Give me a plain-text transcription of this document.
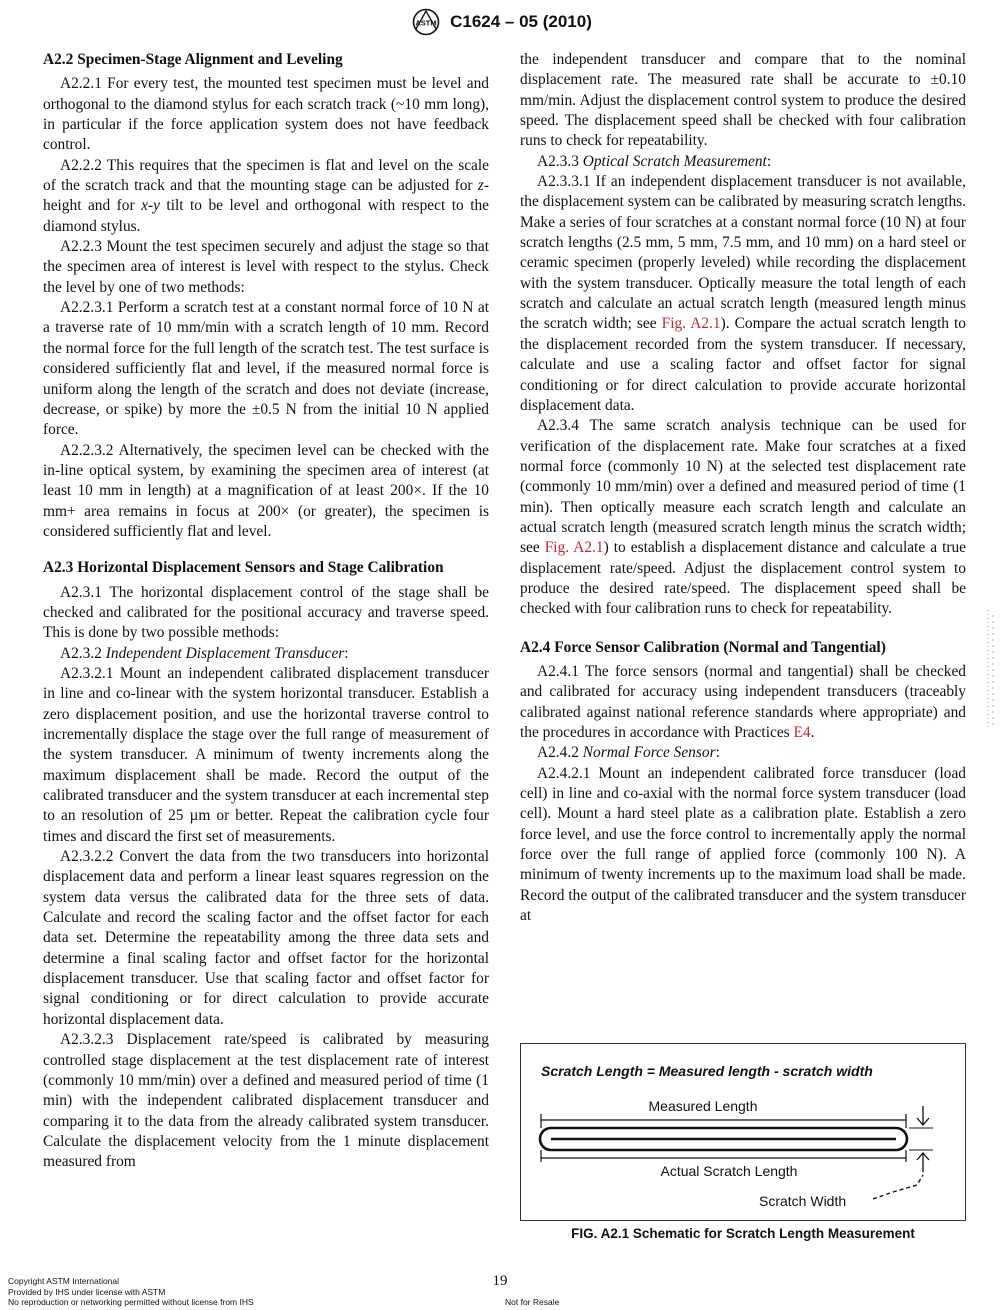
ASTM C1624 – 05 (2010)
A2.2 Specimen-Stage Alignment and Leveling

A2.2.1 For every test, the mounted test specimen must be level and orthogonal to the diamond stylus for each scratch track (~10 mm long), in particular if the force application system does not have feedback control.

A2.2.2 This requires that the specimen is flat and level on the scale of the scratch track and that the mounting stage can be adjusted for z-height and for x-y tilt to be level and orthogonal with respect to the diamond stylus.

A2.2.3 Mount the test specimen securely and adjust the stage so that the specimen area of interest is level with respect to the stylus. Check the level by one of two methods:

A2.2.3.1 Perform a scratch test at a constant normal force of 10 N at a traverse rate of 10 mm/min with a scratch length of 10 mm. Record the normal force for the full length of the scratch test. The test surface is considered sufficiently flat and level, if the measured normal force is uniform along the length of the scratch and does not deviate (increase, decrease, or spike) by more the ±0.5 N from the initial 10 N applied force.

A2.2.3.2 Alternatively, the specimen level can be checked with the in-line optical system, by examining the specimen area of interest (at least 10 mm in length) at a magnification of at least 200×. If the 10 mm+ area remains in focus at 200× (or greater), the specimen is considered sufficiently flat and level.

A2.3 Horizontal Displacement Sensors and Stage Calibration

A2.3.1 The horizontal displacement control of the stage shall be checked and calibrated for the positional accuracy and traverse speed. This is done by two possible methods:

A2.3.2 Independent Displacement Transducer:

A2.3.2.1 Mount an independent calibrated displacement transducer in line and co-linear with the system horizontal transducer. Establish a zero displacement position, and use the horizontal traverse control to incrementally displace the stage over the full range of measurement of the system transducer. A minimum of twenty increments along the maximum displacement shall be made. Record the output of the calibrated transducer and the system transducer at each incremental step to an resolution of 25 µm or better. Repeat the calibration cycle four times and discard the first set of measurements.

A2.3.2.2 Convert the data from the two transducers into horizontal displacement data and perform a linear least squares regression on the system data versus the calibrated data for the three sets of data. Calculate and record the scaling factor and the offset factor for each data set. Determine the repeatability among the three data sets and determine a final scaling factor and offset factor for the horizontal displacement transducer. Use that scaling factor and offset factor for signal conditioning or for direct calculation to provide accurate horizontal displacement data.

A2.3.2.3 Displacement rate/speed is calibrated by measuring controlled stage displacement at the test displacement rate of interest (commonly 10 mm/min) over a defined and measured period of time (1 min) with the independent calibrated displacement transducer and comparing it to the data from the already calibrated system transducer. Calculate the displacement velocity from the 1 minute displacement measured from

the independent transducer and compare that to the nominal displacement rate. The measured rate shall be accurate to ±0.10 mm/min. Adjust the displacement control system to produce the desired speed. The displacement speed shall be checked with four calibration runs to check for repeatability.

A2.3.3 Optical Scratch Measurement:

A2.3.3.1 If an independent displacement transducer is not available, the displacement system can be calibrated by measuring scratch lengths. Make a series of four scratches at a constant normal force (10 N) at four scratch lengths (2.5 mm, 5 mm, 7.5 mm, and 10 mm) on a hard steel or ceramic specimen (properly leveled) while recording the displacement with the system transducer. Optically measure the total length of each scratch and calculate an actual scratch length (measured length minus the scratch width; see Fig. A2.1). Compare the actual scratch length to the displacement recorded from the system transducer. If necessary, calculate and use a scaling factor and offset factor for signal conditioning or for direct calculation to provide accurate horizontal displacement data.

A2.3.4 The same scratch analysis technique can be used for verification of the displacement rate. Make four scratches at a fixed normal force (commonly 10 N) at the selected test displacement rate (commonly 10 mm/min) over a defined and measured period of time (1 min). Then optically measure each scratch length and calculate an actual scratch length (measured scratch length minus the scratch width; see Fig. A2.1) to establish a displacement distance and calculate a true displacement rate/speed. Adjust the displacement control system to produce the desired rate/speed. The displacement speed shall be checked with four calibration runs to check for repeatability.

A2.4 Force Sensor Calibration (Normal and Tangential)

A2.4.1 The force sensors (normal and tangential) shall be checked and calibrated for accuracy using independent transducers (traceably calibrated against national reference standards where appropriate) and the procedures in accordance with Practices E4.

A2.4.2 Normal Force Sensor:

A2.4.2.1 Mount an independent calibrated force transducer (load cell) in line and co-axial with the normal force system transducer (load cell). Mount a hard steel plate as a calibration plate. Establish a zero force level, and use the force control to incrementally apply the normal force over the full range of applied force (commonly 100 N). A minimum of twenty increments up to the maximum load shall be made. Record the output of the calibrated transducer and the system transducer at

Scratch Length = Measured length - scratch width
Measured Length
Actual Scratch Length
Scratch Width
FIG. A2.1 Schematic for Scratch Length Measurement
19
Copyright ASTM International
Provided by IHS under license with ASTM
No reproduction or networking permitted without license from IHS	Not for Resale
